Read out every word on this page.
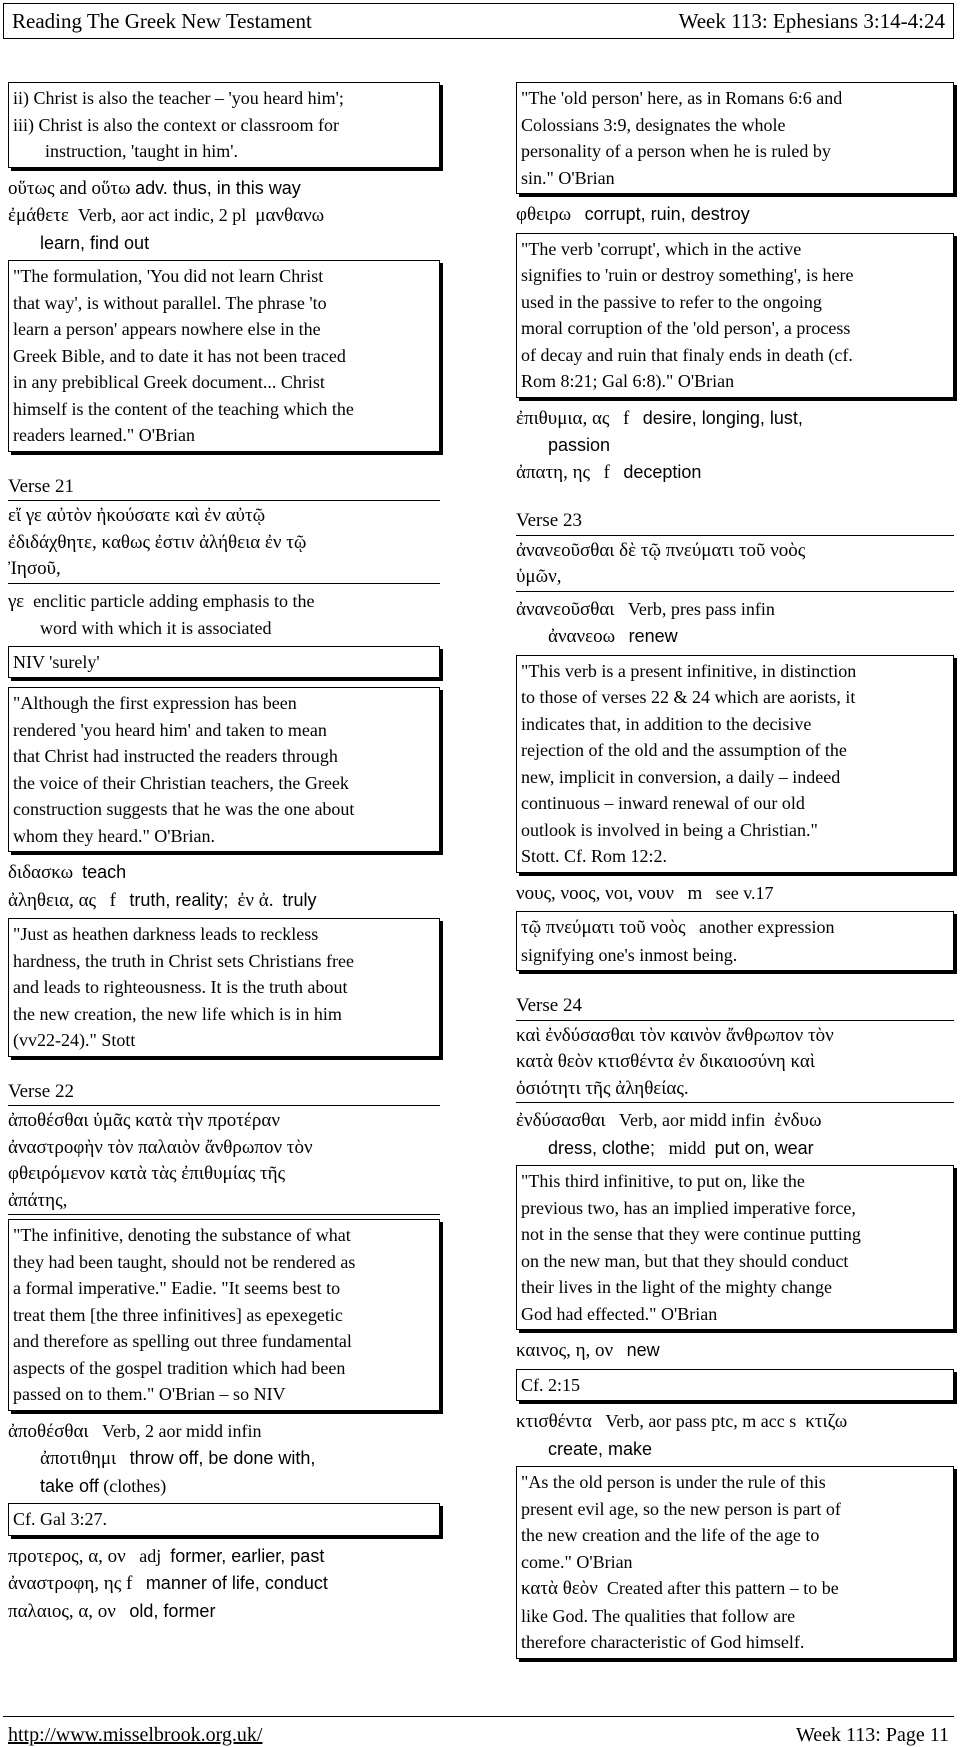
Reading The Greek New Testament	Week 113: Ephesians 3:14-4:24
ii) Christ is also the teacher – 'you heard him';
iii) Christ is also the context or classroom for
instruction, 'taught in him'.
οὕτως and οὕτω adv. thus, in this way
ἐμάθετε Verb, aor act indic, 2 pl μανθανω
learn, find out
"The formulation, 'You did not learn Christ
that way', is without parallel. The phrase 'to
learn a person' appears nowhere else in the
Greek Bible, and to date it has not been traced
in any prebiblical Greek document... Christ
himself is the content of the teaching which the
readers learned." O'Brian
Verse 21
εἴ γε αὐτὸν ἠκούσατε καὶ ἐν αὐτῷ
ἐδιδάχθητε, καθως ἐστιν ἀλήθεια ἐν τῷ
Ἰησοῦ,
γε enclitic particle adding emphasis to the
word with which it is associated
NIV 'surely'
"Although the first expression has been
rendered 'you heard him' and taken to mean
that Christ had instructed the readers through
the voice of their Christian teachers, the Greek
construction suggests that he was the one about
whom they heard." O'Brian.
διδασκω teach
ἀληθεια, ας f truth, reality; ἐν ἀ. truly
"Just as heathen darkness leads to reckless
hardness, the truth in Christ sets Christians free
and leads to righteousness. It is the truth about
the new creation, the new life which is in him
(vv22-24)." Stott
Verse 22
ἀποθέσθαι ὑμᾶς κατὰ τὴν προτέραν
ἀναστροφὴν τὸν παλαιὸν ἄνθρωπον τὸν
φθειρόμενον κατὰ τὰς ἐπιθυμίας τῆς
ἀπάτης,
"The infinitive, denoting the substance of what
they had been taught, should not be rendered as
a formal imperative." Eadie. "It seems best to
treat them [the three infinitives] as epexegetic
and therefore as spelling out three fundamental
aspects of the gospel tradition which had been
passed on to them." O'Brian – so NIV
ἀποθέσθαι Verb, 2 aor midd infin
ἀποτιθημι throw off, be done with,
take off (clothes)
Cf. Gal 3:27.
προτερος, α, ον adj former, earlier, past
ἀναστροφη, ης f manner of life, conduct
παλαιος, α, ον old, former
"The 'old person' here, as in Romans 6:6 and
Colossians 3:9, designates the whole
personality of a person when he is ruled by
sin." O'Brian
φθειρω corrupt, ruin, destroy
"The verb 'corrupt', which in the active
signifies to 'ruin or destroy something', is here
used in the passive to refer to the ongoing
moral corruption of the 'old person', a process
of decay and ruin that finaly ends in death (cf.
Rom 8:21; Gal 6:8)." O'Brian
ἐπιθυμια, ας f desire, longing, lust,
passion
ἀπατη, ης f deception
Verse 23
ἀνανεοῦσθαι δὲ τῷ πνεύματι τοῦ νοὸς
ὑμῶν,
ἀνανεοῦσθαι Verb, pres pass infin
ἀνανεοω renew
"This verb is a present infinitive, in distinction
to those of verses 22 & 24 which are aorists, it
indicates that, in addition to the decisive
rejection of the old and the assumption of the
new, implicit in conversion, a daily – indeed
continuous – inward renewal of our old
outlook is involved in being a Christian."
Stott. Cf. Rom 12:2.
νους, νοος, νοι, νουν m see v.17
τῷ πνεύματι τοῦ νοὸς another expression
signifying one's inmost being.
Verse 24
καὶ ἐνδύσασθαι τὸν καινὸν ἄνθρωπον τὸν
κατὰ θεὸν κτισθέντα ἐν δικαιοσύνη καὶ
ὁσιότητι τῆς ἀληθείας.
ἐνδύσασθαι Verb, aor midd infin ἐνδυω
dress, clothe; midd put on, wear
"This third infinitive, to put on, like the
previous two, has an implied imperative force,
not in the sense that they were continue putting
on the new man, but that they should conduct
their lives in the light of the mighty change
God had effected." O'Brian
καινος, η, ον new
Cf. 2:15
κτισθέντα Verb, aor pass ptc, m acc s κτιζω
create, make
"As the old person is under the rule of this
present evil age, so the new person is part of
the new creation and the life of the age to
come." O'Brian
κατὰ θεὸν Created after this pattern – to be
like God. The qualities that follow are
therefore characteristic of God himself.
http://www.misselbrook.org.uk/	Week 113: Page 11
